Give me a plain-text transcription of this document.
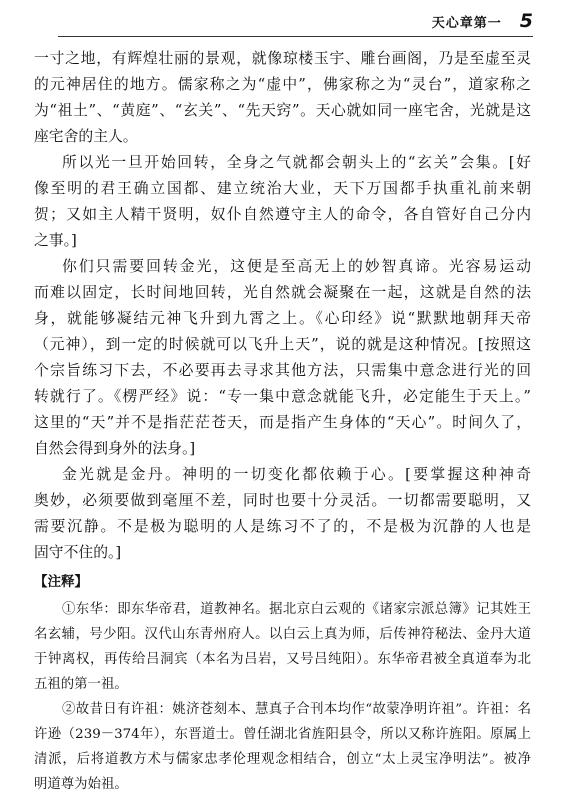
天心章第一 5
一寸之地，有辉煌壮丽的景观，就像琼楼玉宇、雕台画阁，乃是至虚至灵
的元神居住的地方。儒家称之为“虚中”，佛家称之为“灵台”，道家称之
为“祖土”、“黄庭”、“玄关”、“先天窍”。天心就如同一座宅舍，光就是这
座宅舍的主人。
所以光一旦开始回转，全身之气就都会朝头上的“玄关”会集。[好
像至明的君王确立国都、建立统治大业，天下万国都手执重礼前来朝
贺；又如主人精干贤明，奴仆自然遵守主人的命令，各自管好自己分内
之事。]
你们只需要回转金光，这便是至高无上的妙智真谛。光容易运动
而难以固定，长时间地回转，光自然就会凝聚在一起，这就是自然的法
身，就能够凝结元神飞升到九霄之上。《心印经》说“默默地朝拜天帝
（元神），到一定的时候就可以飞升上天”，说的就是这种情况。[按照这
个宗旨练习下去，不必要再去寻求其他方法，只需集中意念进行光的回
转就行了。《楞严经》说：“专一集中意念就能飞升，必定能生于天上。”
这里的“天”并不是指茫茫苍天，而是指产生身体的“天心”。时间久了，
自然会得到身外的法身。]
金光就是金丹。神明的一切变化都依赖于心。[要掌握这种神奇
奥妙，必须要做到毫厘不差，同时也要十分灵活。一切都需要聪明，又
需要沉静。不是极为聪明的人是练习不了的，不是极为沉静的人也是
固守不住的。]
【注释】
①东华：即东华帝君，道教神名。据北京白云观的《诸家宗派总簿》记其姓王
名玄辅，号少阳。汉代山东青州府人。以白云上真为师，后传神符秘法、金丹大道
于钟离权，再传给吕洞宾（本名为吕岩，又号吕纯阳）。东华帝君被全真道奉为北
五祖的第一祖。
②故昔日有许祖：姚济苍刻本、慧真子合刊本均作“故蒙净明许祖”。许祖：名
许逊（239－374年），东晋道士。曾任湖北省旌阳县令，所以又称许旌阳。原属上
清派，后将道教方术与儒家忠孝伦理观念相结合，创立“太上灵宝净明法”。被净
明道尊为始祖。
